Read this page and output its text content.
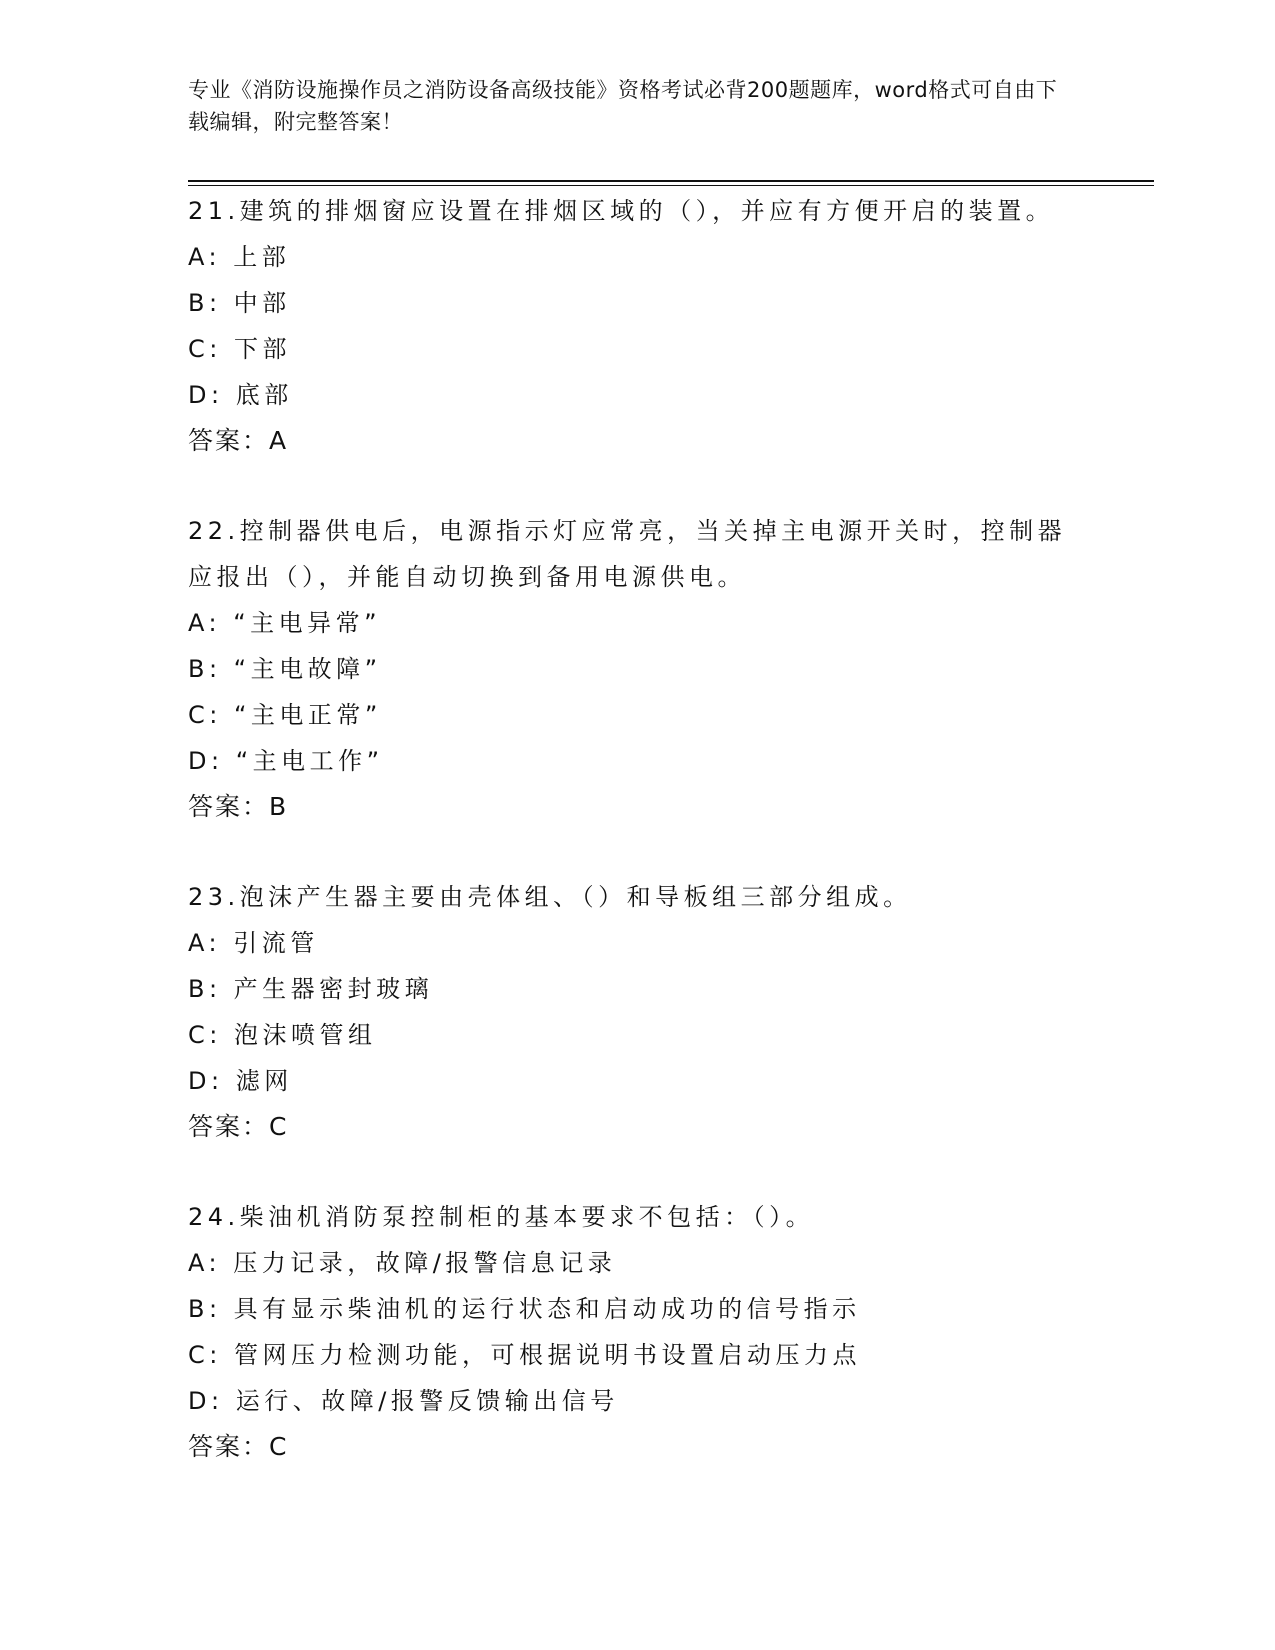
专业《消防设施操作员之消防设备高级技能》资格考试必背200题题库，word格式可自由下载编辑，附完整答案！
21.建筑的排烟窗应设置在排烟区域的（），并应有方便开启的装置。
A: 上部
B: 中部
C: 下部
D: 底部
答案：A
22.控制器供电后，电源指示灯应常亮，当关掉主电源开关时，控制器应报出（），并能自动切换到备用电源供电。
A: “主电异常”
B: “主电故障”
C: “主电正常”
D: “主电工作”
答案：B
23.泡沫产生器主要由壳体组、（）和导板组三部分组成。
A: 引流管
B: 产生器密封玻璃
C: 泡沫喷管组
D: 滤网
答案：C
24.柴油机消防泵控制柜的基本要求不包括：（）。
A: 压力记录，故障/报警信息记录
B: 具有显示柴油机的运行状态和启动成功的信号指示
C: 管网压力检测功能，可根据说明书设置启动压力点
D: 运行、故障/报警反馈输出信号
答案：C
